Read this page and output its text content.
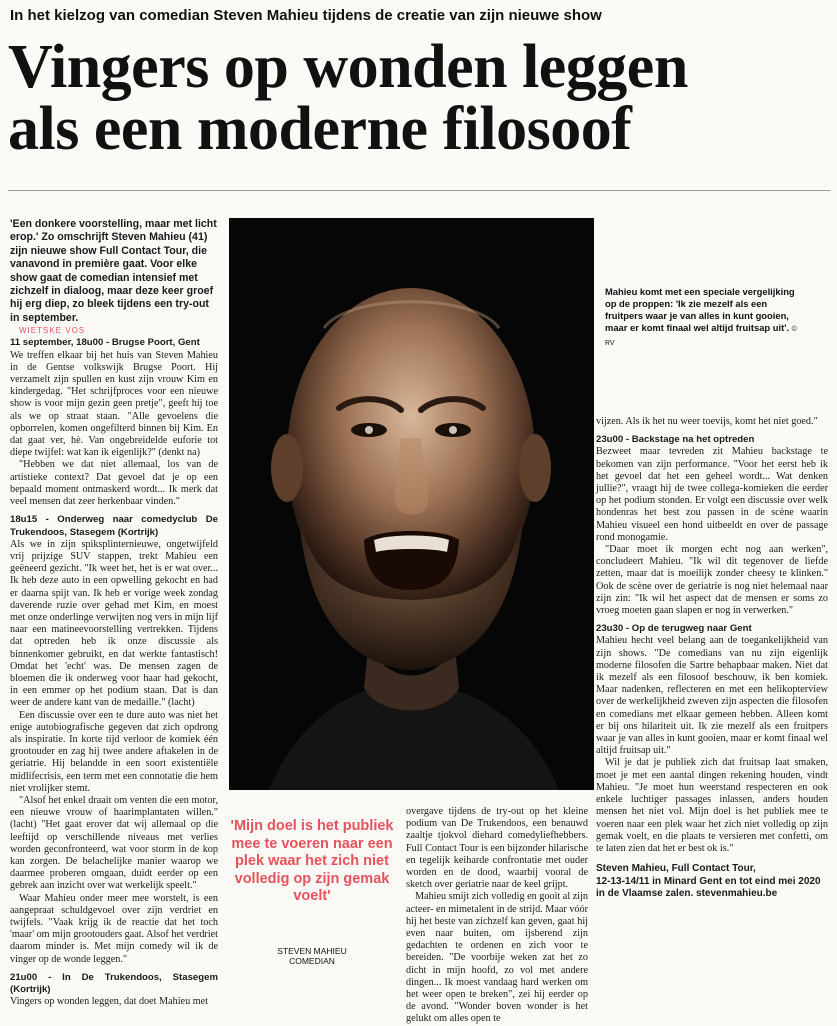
In het kielzog van comedian Steven Mahieu tijdens de creatie van zijn nieuwe show
Vingers op wonden leggen
als een moderne filosoof

'Een donkere voorstelling, maar met licht erop.' Zo omschrijft Steven Mahieu (41) zijn nieuwe show Full Contact Tour, die vanavond in première gaat. Voor elke show gaat de comedian intensief met zichzelf in dialoog, maar deze keer groef hij erg diep, zo bleek tijdens een try-out in september.

WIETSKE VOS

11 september, 18u00 - Brugse Poort, Gent

We treffen elkaar bij het huis van Steven Mahieu in de Gentse volkswijk Brugse Poort. Hij verzamelt zijn spullen en kust zijn vrouw Kim en kindergedag. "Het schrijfproces voor een nieuwe show is voor mijn gezin geen pretje", geeft hij toe als we op straat staan. "Alle gevoelens die opborrelen, komen ongefilterd binnen bij Kim. En dat gaat ver, hè. Van ongebreidelde euforie tot diepe twijfel: wat kan ik eigenlijk?" (denkt na)

"Hebben we dat niet allemaal, los van de artistieke context? Dat gevoel dat je op een bepaald moment ontmaskerd wordt... Ik merk dat veel mensen dat zeer herkenbaar vinden."

18u15 - Onderweg naar comedyclub De Trukendoos, Stasegem (Kortrijk)

Als we in zijn spiksplinternieuwe, ongetwijfeld vrij prijzige SUV stappen, trekt Mahieu een geëneerd gezicht. "Ik weet het, het is er wat over... Ik heb deze auto in een opwelling gekocht en had er daarna spijt van. Ik heb er vorige week zondag daverende ruzie over gehad met Kim, en moest met onze onderlinge verwijten nog vers in mijn lijf naar een matineevoorstelling vertrekken. Tijdens dat optreden heb ik onze discussie als binnenkomer gebruikt, en dat werkte fantastisch! Omdat het 'echt' was. De mensen zagen de bloemen die ik onderweg voor haar had gekocht, in een emmer op het podium staan. Dat is dan weer de andere kant van de medaille." (lacht)

Een discussie over een te dure auto was niet het enige autobiografische gegeven dat zich opdrong als inspiratie. In korte tijd verloor de komiek één grootouder en zag hij twee andere aftakelen in de geriatrie. Hij belandde in een soort existentiële midlifecrisis, een term met een connotatie die hem niet vrolijker stemt.

"Alsof het enkel draait om venten die een motor, een nieuwe vrouw of haarimplantaten willen." (lacht) "Het gaat erover dat wij allemaal op die leeftijd op verschillende niveaus met verlies worden geconfronteerd, wat voor storm in de kop kan zorgen. De belachelijke manier waarop we daarmee proberen omgaan, duidt eerder op een gebrek aan inzicht over wat werkelijk speelt."

Waar Mahieu onder meer mee worstelt, is een aangepraat schuldgevoel over zijn verdriet en twijfels. "Vaak krijg ik de reactie dat het toch 'maar' om mijn grootouders gaat. Alsof het verdriet daarom minder is. Met mijn comedy wil ik de vinger op de wonde leggen."

21u00 - In De Trukendoos, Stasegem (Kortrijk)

Vingers op wonden leggen, dat doet Mahieu met

Mahieu komt met een speciale vergelijking op de proppen: 'Ik zie mezelf als een fruitpers waar je van alles in kunt gooien, maar er komt finaal wel altijd fruitsap uit'. © RV
'Mijn doel is het publiek mee te voeren naar een plek waar het zich niet volledig op zijn gemak voelt'
STEVEN MAHIEU
COMEDIAN

overgave tijdens de try-out op het kleine podium van De Trukendoos, een benauwd zaaltje tjokvol diehard comedyliefhebbers. Full Contact Tour is een bijzonder hilarische en tegelijk keiharde confrontatie met ouder worden en de dood, waarbij vooral de sketch over geriatrie naar de keel grijpt.

Mahieu smijt zich volledig en gooit al zijn acteer- en mimetalent in de strijd. Maar vóór hij het beste van zichzelf kan geven, gaat hij even naar buiten, om ijsberend zijn gedachten te ordenen en zich voor te bereiden. "De voorbije weken zat het zo dicht in mijn hoofd, zo vol met andere dingen... Ik moest vandaag hard werken om het weer open te breken", zei hij eerder op de avond. "Wonder boven wonder is het gelukt om alles open te

vijzen. Als ik het nu weer toevijs, komt het niet goed."

23u00 - Backstage na het optreden

Bezweet maar tevreden zit Mahieu backstage te bekomen van zijn performance. "Voor het eerst heb ik het gevoel dat het een geheel wordt... Wat denken jullie?", vraagt hij de twee collega-komieken die eerder op het podium stonden. Er volgt een discussie over welk hondenras het best zou passen in de scène waarin Mahieu visueel een hond uitbeeldt en over de passage rond monogamie.

"Daar moet ik morgen echt nog aan werken", concludeert Mahieu. "Ik wil dit tegenover de liefde zetten, maar dat is moeilijk zonder cheesy te klinken." Ook de scène over de geriatrie is nog niet helemaal naar zijn zin: "Ik wil het aspect dat de mensen er soms zo vroeg moeten gaan slapen er nog in verwerken."

23u30 - Op de terugweg naar Gent

Mahieu hecht veel belang aan de toegankelijkheid van zijn shows. "De comedians van nu zijn eigenlijk moderne filosofen die Sartre behapbaar maken. Niet dat ik mezelf als een filosoof beschouw, ik ben komiek. Maar nadenken, reflecteren en met een helikopterview over de werkelijkheid zweven zijn aspecten die filosofen en comedians met elkaar gemeen hebben. Alleen komt er bij ons hilariteit uit. Ik zie mezelf als een fruitpers waar je van alles in kunt gooien, maar er komt finaal wel altijd fruitsap uit."

Wil je dat je publiek zich dat fruitsap laat smaken, moet je met een aantal dingen rekening houden, vindt Mahieu. "Je moet hun weerstand respecteren en ook enkele luchtiger passages inlassen, anders houden mensen het niet vol. Mijn doel is het publiek mee te voeren naar een plek waar het zich niet volledig op zijn gemak voelt, en die plaats te versieren met confetti, om te laten zien dat het er best ok is."

Steven Mahieu, Full Contact Tour,

12-13-14/11 in Minard Gent en tot eind mei 2020 in de Vlaamse zalen. stevenmahieu.be
